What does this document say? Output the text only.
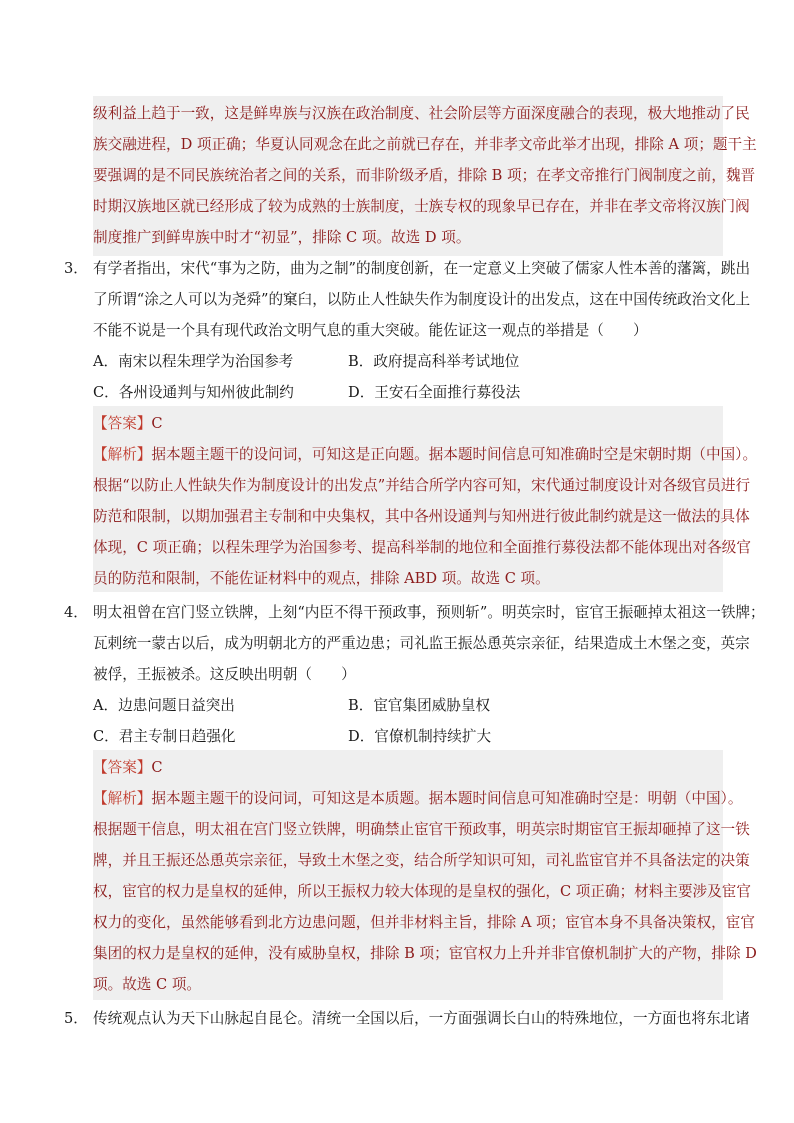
级利益上趋于一致，这是鲜卑族与汉族在政治制度、社会阶层等方面深度融合的表现，极大地推动了民
族交融进程，D 项正确；华夏认同观念在此之前就已存在，并非孝文帝此举才出现，排除 A 项；题干主
要强调的是不同民族统治者之间的关系，而非阶级矛盾，排除 B 项；在孝文帝推行门阀制度之前，魏晋
时期汉族地区就已经形成了较为成熟的士族制度，士族专权的现象早已存在，并非在孝文帝将汉族门阀
制度推广到鲜卑族中时才“初显”，排除 C 项。故选 D 项。
3． 有学者指出，宋代“事为之防，曲为之制”的制度创新，在一定意义上突破了儒家人性本善的藩篱，跳出
了所谓“涂之人可以为尧舜”的窠臼，以防止人性缺失作为制度设计的出发点，这在中国传统政治文化上
不能不说是一个具有现代政治文明气息的重大突破。能佐证这一观点的举措是（　　）
A．南宋以程朱理学为治国参考	B．政府提高科举考试地位
C．各州设通判与知州彼此制约	D．王安石全面推行募役法
【答案】C
【解析】据本题主题干的设问词，可知这是正向题。据本题时间信息可知准确时空是宋朝时期（中国）。
根据“以防止人性缺失作为制度设计的出发点”并结合所学内容可知，宋代通过制度设计对各级官员进行
防范和限制，以期加强君主专制和中央集权，其中各州设通判与知州进行彼此制约就是这一做法的具体
体现，C 项正确；以程朱理学为治国参考、提高科举制的地位和全面推行募役法都不能体现出对各级官
员的防范和限制，不能佐证材料中的观点，排除 ABD 项。故选 C 项。
4． 明太祖曾在宫门竖立铁牌，上刻“内臣不得干预政事，预则斩”。明英宗时，宦官王振砸掉太祖这一铁牌；
瓦剌统一蒙古以后，成为明朝北方的严重边患；司礼监王振怂恿英宗亲征，结果造成土木堡之变，英宗
被俘，王振被杀。这反映出明朝（　　）
A．边患问题日益突出	B．宦官集团威胁皇权
C．君主专制日趋强化	D．官僚机制持续扩大
【答案】C
【解析】据本题主题干的设问词，可知这是本质题。据本题时间信息可知准确时空是：明朝（中国）。
根据题干信息，明太祖在宫门竖立铁牌，明确禁止宦官干预政事，明英宗时期宦官王振却砸掉了这一铁
牌，并且王振还怂恿英宗亲征，导致土木堡之变，结合所学知识可知，司礼监宦官并不具备法定的决策
权，宦官的权力是皇权的延伸，所以王振权力较大体现的是皇权的强化，C 项正确；材料主要涉及宦官
权力的变化，虽然能够看到北方边患问题，但并非材料主旨，排除 A 项；宦官本身不具备决策权，宦官
集团的权力是皇权的延伸，没有威胁皇权，排除 B 项；宦官权力上升并非官僚机制扩大的产物，排除 D
项。故选 C 项。
5． 传统观点认为天下山脉起自昆仑。清统一全国以后，一方面强调长白山的特殊地位，一方面也将东北诸
